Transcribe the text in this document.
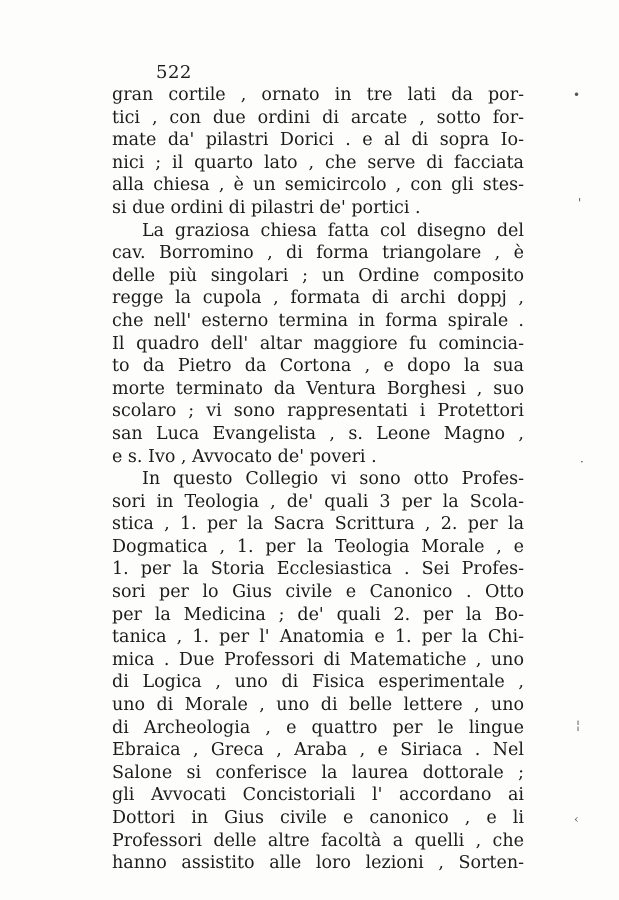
522
gran cortile , ornato in tre lati da por-
tici , con due ordini di arcate , sotto for-
mate da' pilastri Dorici . e al di sopra Io-
nici ; il quarto lato , che serve di facciata
alla chiesa , è un semicircolo , con gli stes-
si due ordini di pilastri de' portici .
La graziosa chiesa fatta col disegno del
cav. Borromino , di forma triangolare , è
delle più singolari ; un Ordine composito
regge la cupola , formata di archi doppj ,
che nell' esterno termina in forma spirale .
Il quadro dell' altar maggiore fu comincia-
to da Pietro da Cortona , e dopo la sua
morte terminato da Ventura Borghesi , suo
scolaro ; vi sono rappresentati i Protettori
san Luca Evangelista , s. Leone Magno ,
e s. Ivo , Avvocato de' poveri .
In questo Collegio vi sono otto Profes-
sori in Teologia , de' quali 3 per la Scola-
stica , 1. per la Sacra Scrittura , 2. per la
Dogmatica , 1. per la Teologia Morale , e
1. per la Storia Ecclesiastica . Sei Profes-
sori per lo Gius civile e Canonico . Otto
per la Medicina ; de' quali 2. per la Bo-
tanica , 1. per l' Anatomia e 1. per la Chi-
mica . Due Professori di Matematiche , uno
di Logica , uno di Fisica esperimentale ,
uno di Morale , uno di belle lettere , uno
di Archeologia , e quattro per le lingue
Ebraica , Greca , Araba , e Siriaca . Nel
Salone si conferisce la laurea dottorale ;
gli Avvocati Concistoriali l' accordano ai
Dottori in Gius civile e canonico , e li
Professori delle altre facoltà a quelli , che
hanno assistito alle loro lezioni , Sorten-
•
'
·
¦
‹
